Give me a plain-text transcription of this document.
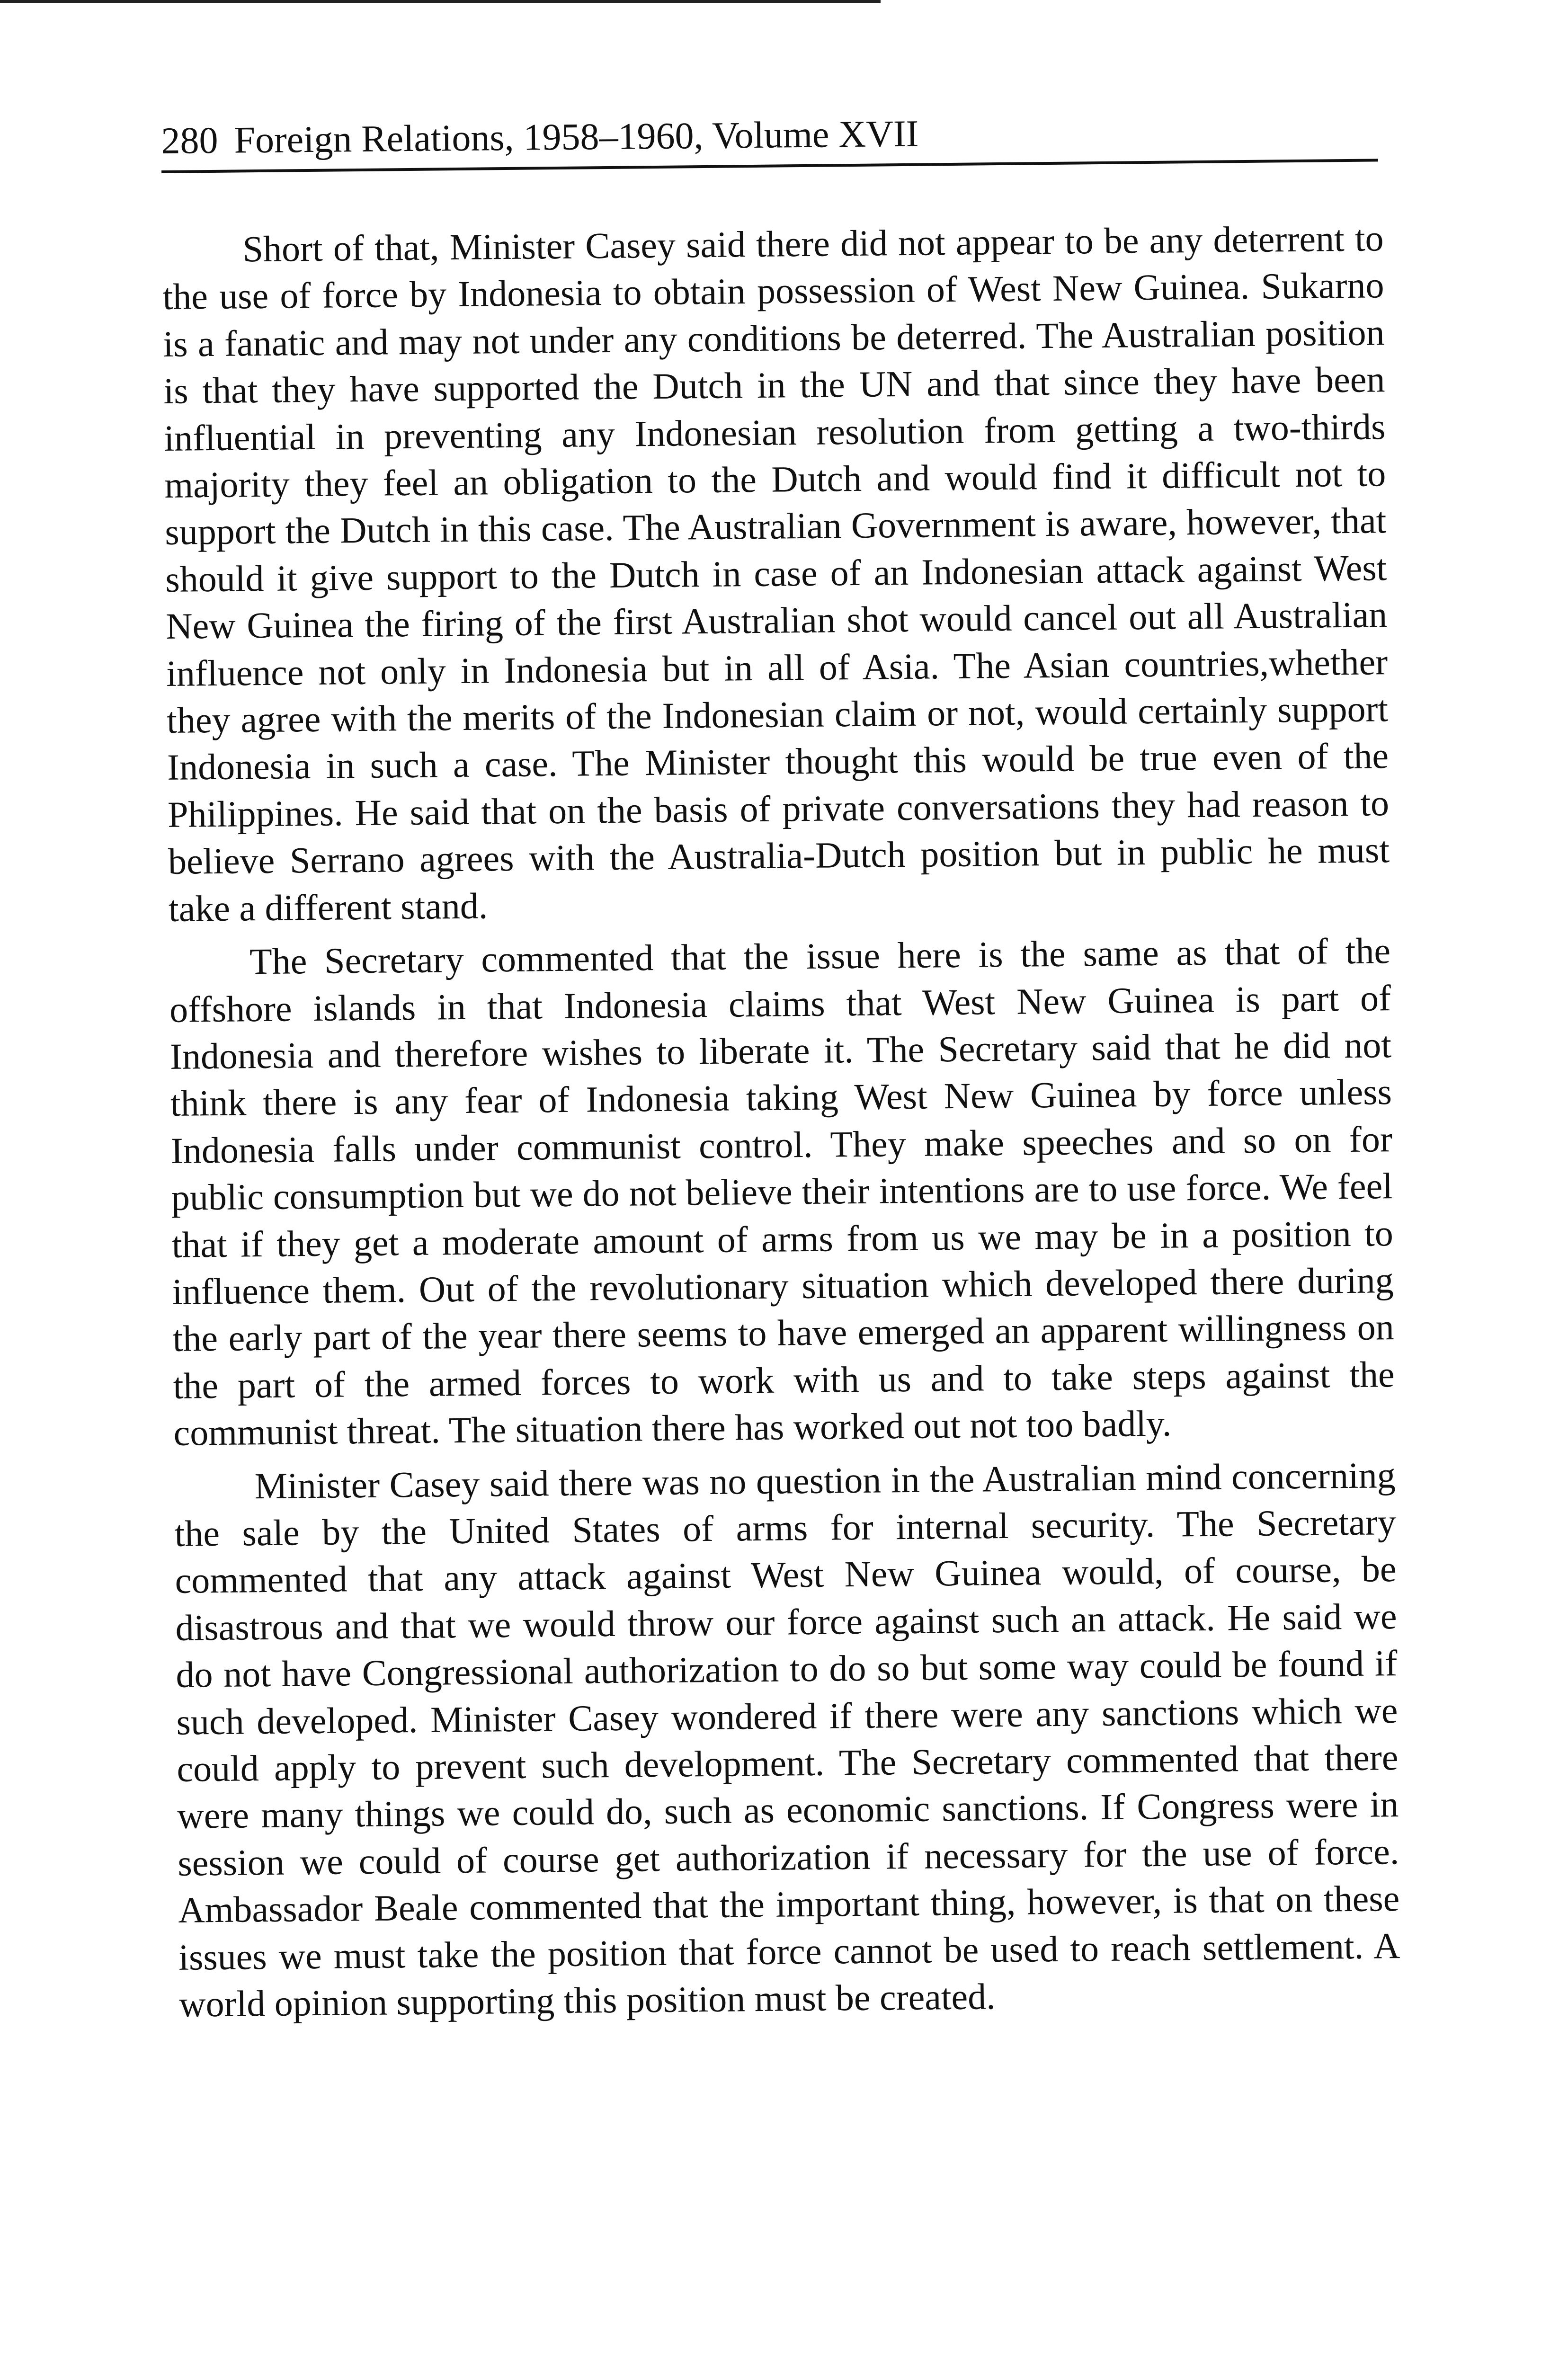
280 Foreign Relations, 1958–1960, Volume XVII

Short of that, Minister Casey said there did not appear to be any deterrent to the use of force by Indonesia to obtain possession of West New Guinea. Sukarno is a fanatic and may not under any conditions be deterred. The Australian position is that they have supported the Dutch in the UN and that since they have been influential in preventing any Indonesian resolution from getting a two-thirds majority they feel an obligation to the Dutch and would find it difficult not to support the Dutch in this case. The Australian Government is aware, however, that should it give support to the Dutch in case of an Indonesian attack against West New Guinea the firing of the first Australian shot would cancel out all Australian influence not only in Indonesia but in all of Asia. The Asian countries,whether they agree with the merits of the Indonesian claim or not, would certainly support Indonesia in such a case. The Minister thought this would be true even of the Philippines. He said that on the basis of private conversations they had reason to believe Serrano agrees with the Australia-Dutch position but in public he must take a different stand.

The Secretary commented that the issue here is the same as that of the offshore islands in that Indonesia claims that West New Guinea is part of Indonesia and therefore wishes to liberate it. The Secretary said that he did not think there is any fear of Indonesia taking West New Guinea by force unless Indonesia falls under communist control. They make speeches and so on for public consumption but we do not believe their intentions are to use force. We feel that if they get a moderate amount of arms from us we may be in a position to influence them. Out of the revolutionary situation which developed there during the early part of the year there seems to have emerged an apparent willingness on the part of the armed forces to work with us and to take steps against the communist threat. The situation there has worked out not too badly.

Minister Casey said there was no question in the Australian mind concerning the sale by the United States of arms for internal security. The Secretary commented that any attack against West New Guinea would, of course, be disastrous and that we would throw our force against such an attack. He said we do not have Congressional authorization to do so but some way could be found if such developed. Minister Casey wondered if there were any sanctions which we could apply to prevent such development. The Secretary commented that there were many things we could do, such as economic sanctions. If Congress were in session we could of course get authorization if necessary for the use of force. Ambassador Beale commented that the important thing, however, is that on these issues we must take the position that force cannot be used to reach settlement. A world opinion supporting this position must be created.
